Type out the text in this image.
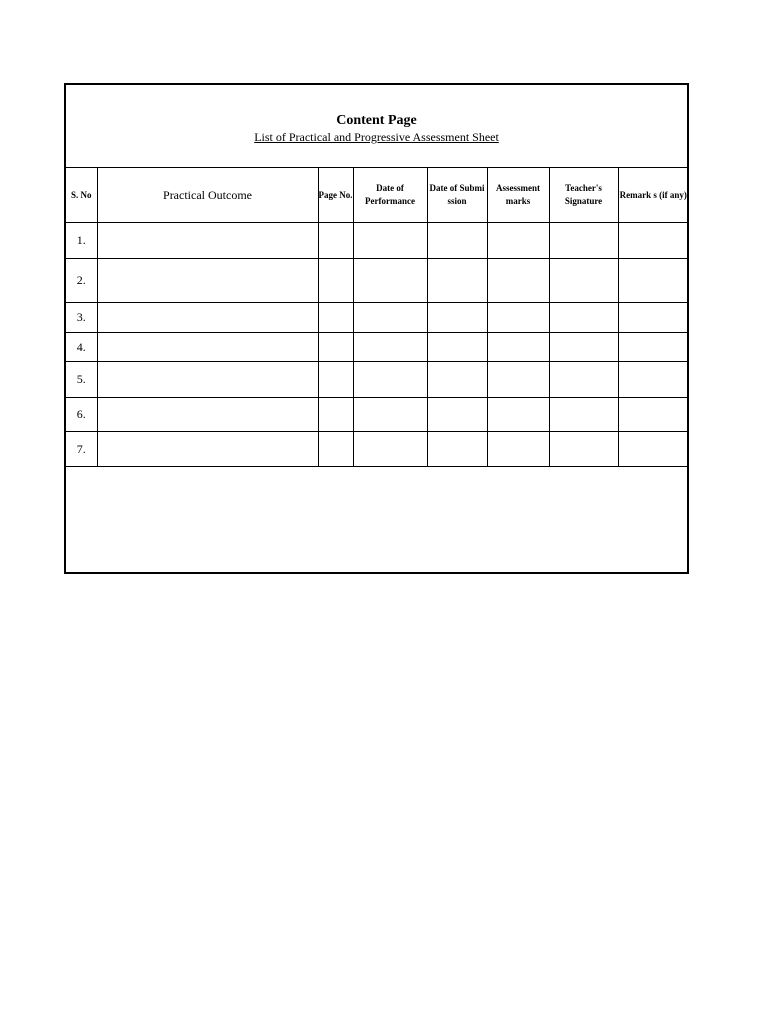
Content Page
List of Practical and Progressive Assessment Sheet
S. No	Practical Outcome	Page No.	Date of Performance	Date of Submi ssion	Assessment marks	Teacher's Signature	Remark s (if any)
1.							
2.							
3.							
4.							
5.							
6.							
7.							
